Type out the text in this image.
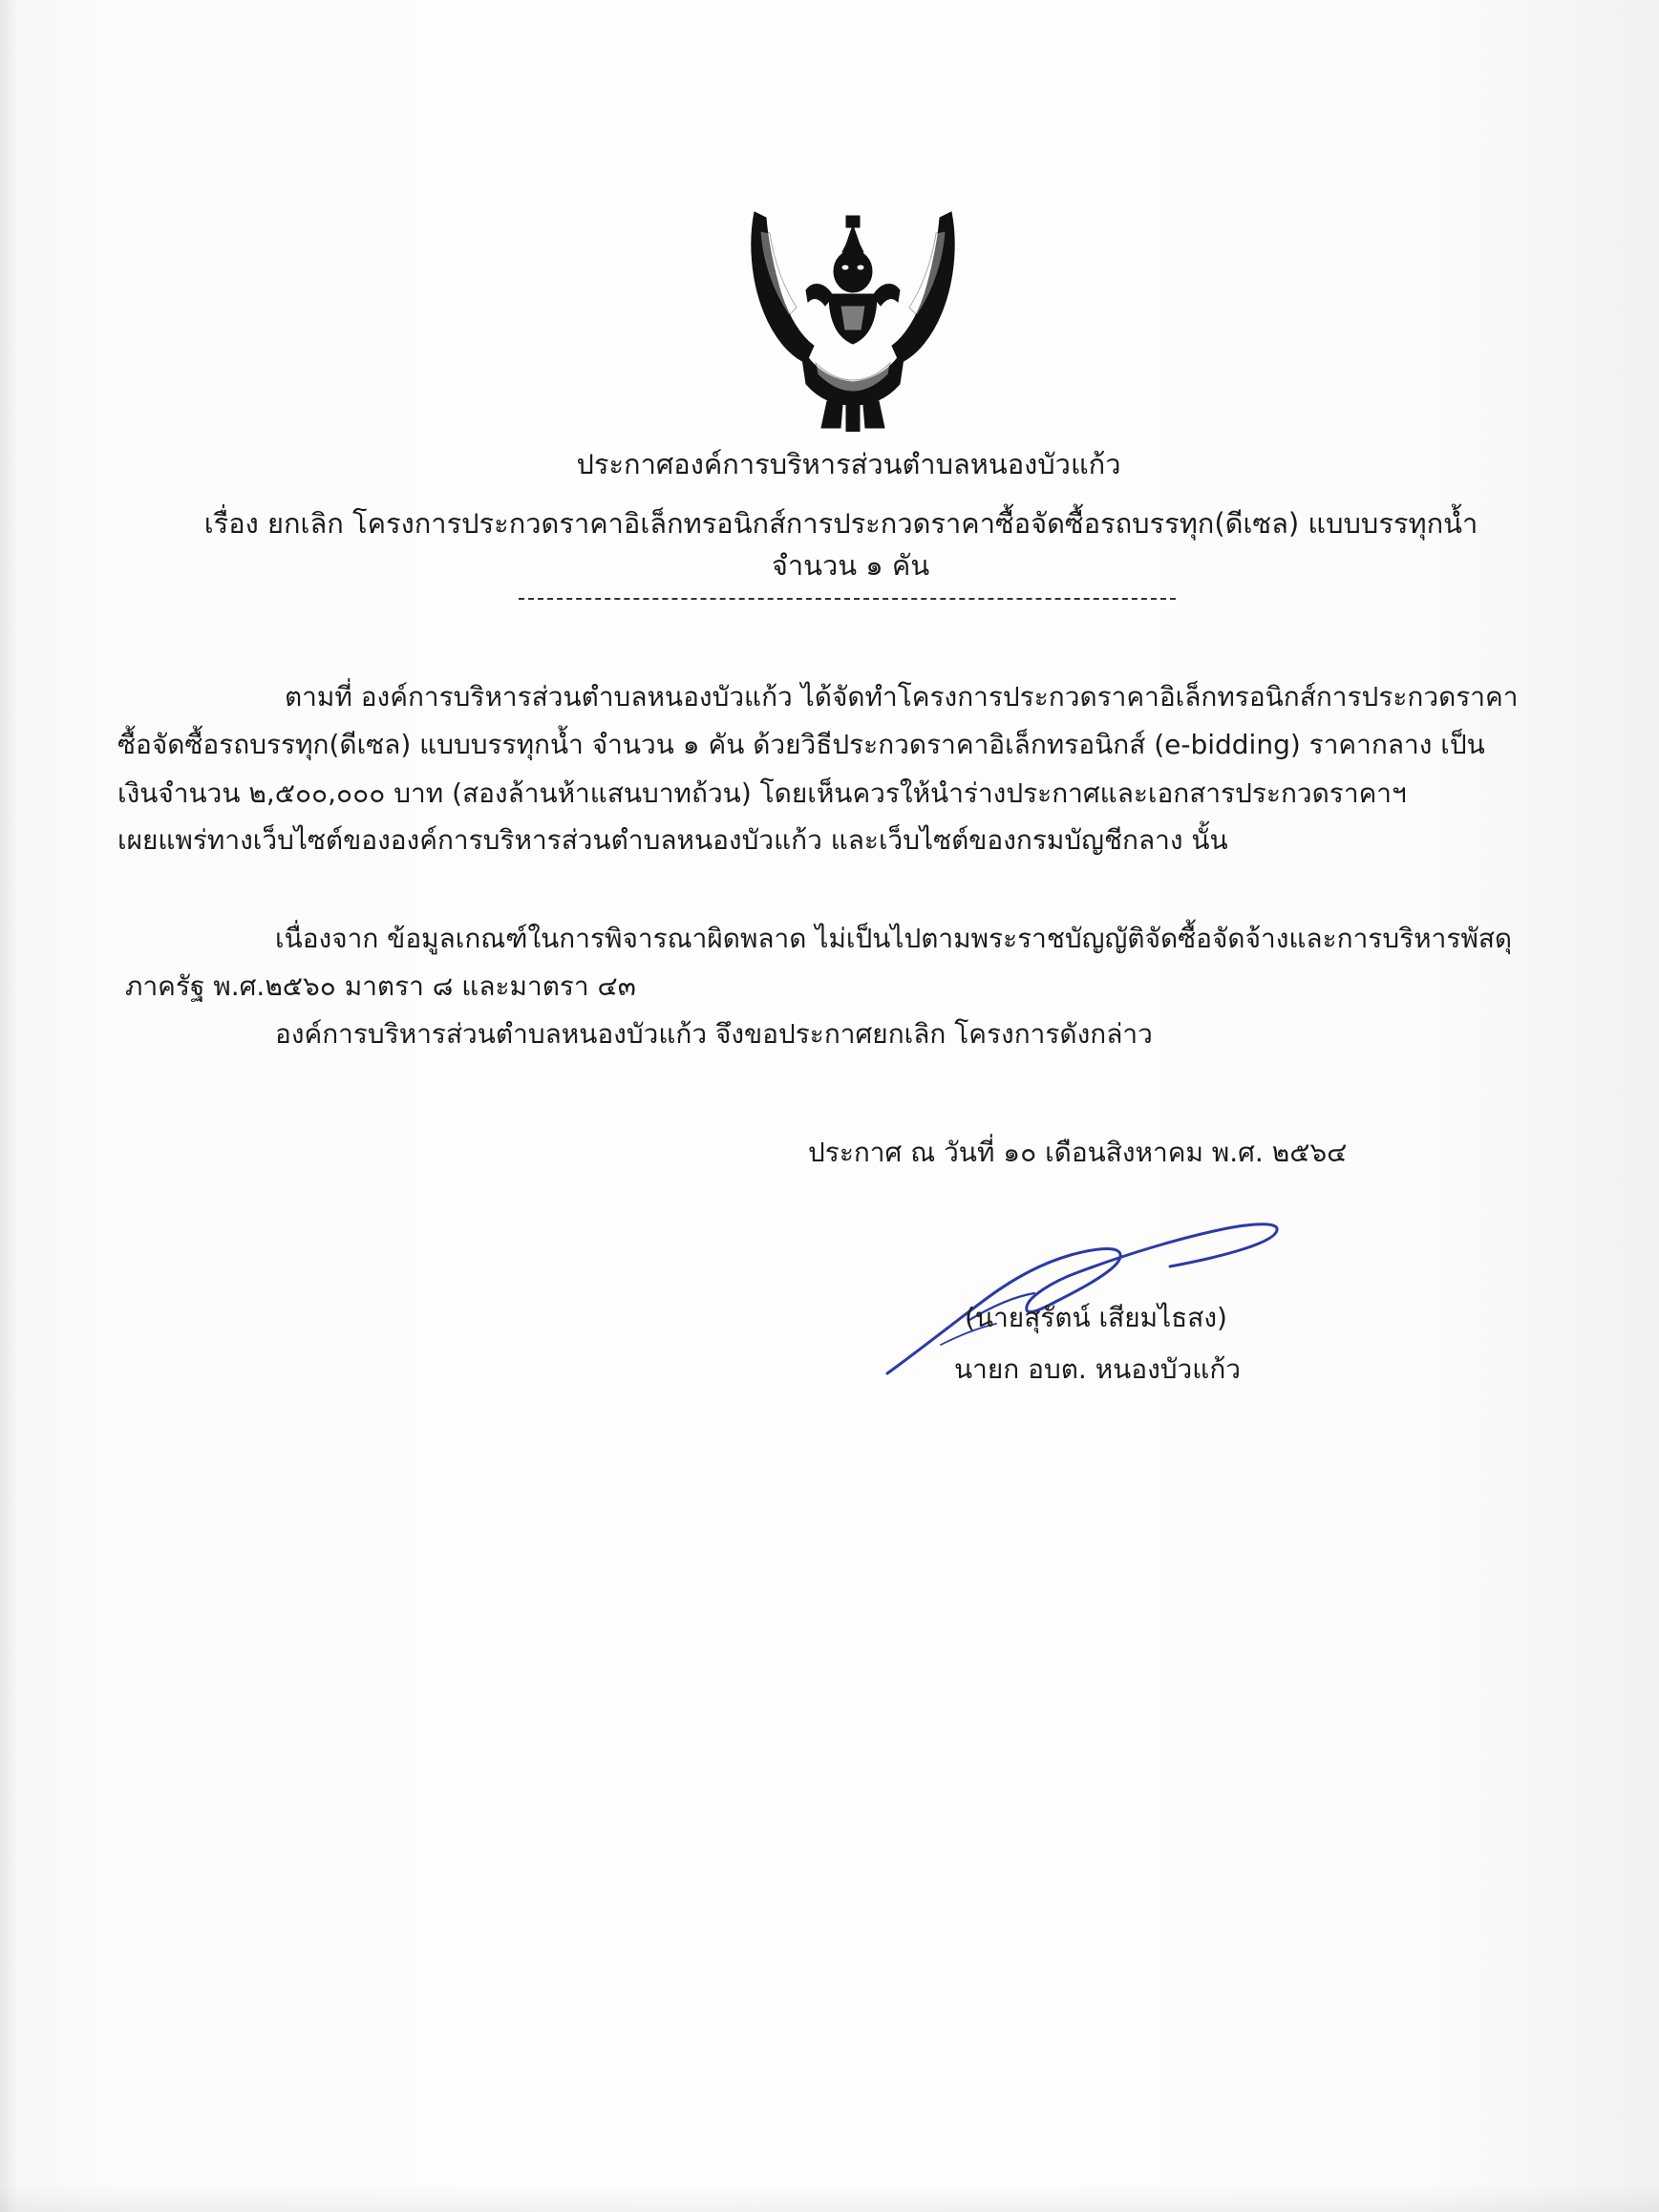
ประกาศองค์การบริหารส่วนตำบลหนองบัวแก้ว
เรื่อง ยกเลิก โครงการประกวดราคาอิเล็กทรอนิกส์การประกวดราคาซื้อจัดซื้อรถบรรทุก(ดีเซล) แบบบรรทุกน้ำ
จำนวน ๑ คัน
ตามที่ องค์การบริหารส่วนตำบลหนองบัวแก้ว ได้จัดทำโครงการประกวดราคาอิเล็กทรอนิกส์การประกวดราคา
ซื้อจัดซื้อรถบรรทุก(ดีเซล) แบบบรรทุกน้ำ จำนวน ๑ คัน ด้วยวิธีประกวดราคาอิเล็กทรอนิกส์ (e-bidding) ราคากลาง เป็น
เงินจำนวน ๒,๕๐๐,๐๐๐ บาท (สองล้านห้าแสนบาทถ้วน) โดยเห็นควรให้นำร่างประกาศและเอกสารประกวดราคาฯ
เผยแพร่ทางเว็บไซต์ขององค์การบริหารส่วนตำบลหนองบัวแก้ว และเว็บไซต์ของกรมบัญชีกลาง นั้น
เนื่องจาก ข้อมูลเกณฑ์ในการพิจารณาผิดพลาด ไม่เป็นไปตามพระราชบัญญัติจัดซื้อจัดจ้างและการบริหารพัสดุ
ภาครัฐ พ.ศ.๒๕๖๐ มาตรา ๘ และมาตรา ๔๓
องค์การบริหารส่วนตำบลหนองบัวแก้ว จึงขอประกาศยกเลิก โครงการดังกล่าว
ประกาศ ณ วันที่ ๑๐ เดือนสิงหาคม พ.ศ. ๒๕๖๔
(นายสุรัตน์ เสียมไธสง)
นายก อบต. หนองบัวแก้ว
